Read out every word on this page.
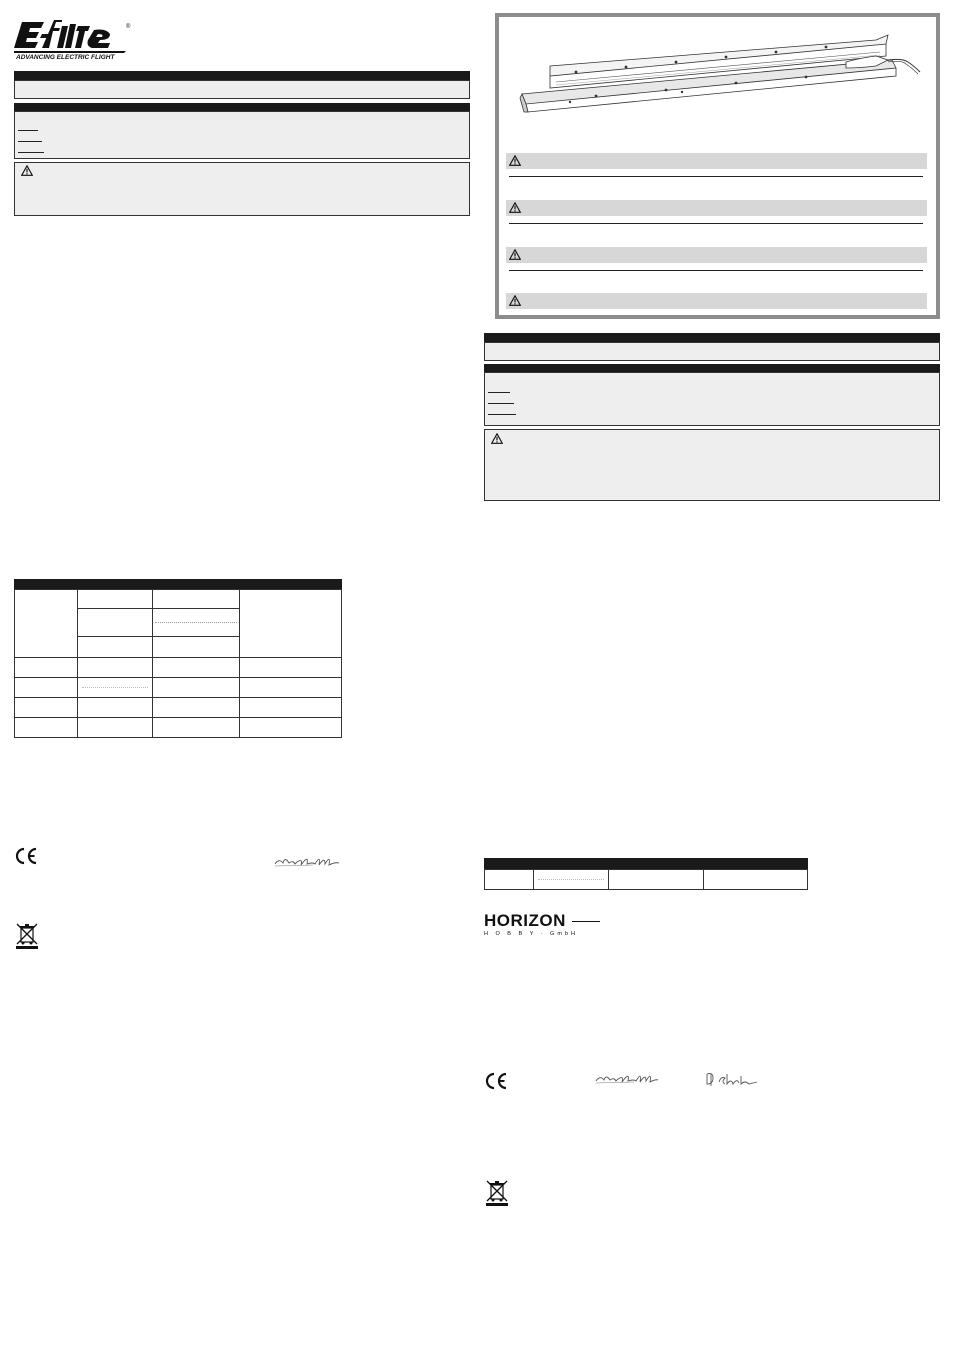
ADVANCING ELECTRIC FLIGHT
®

HORIZON
H O B B Y · GmbH
